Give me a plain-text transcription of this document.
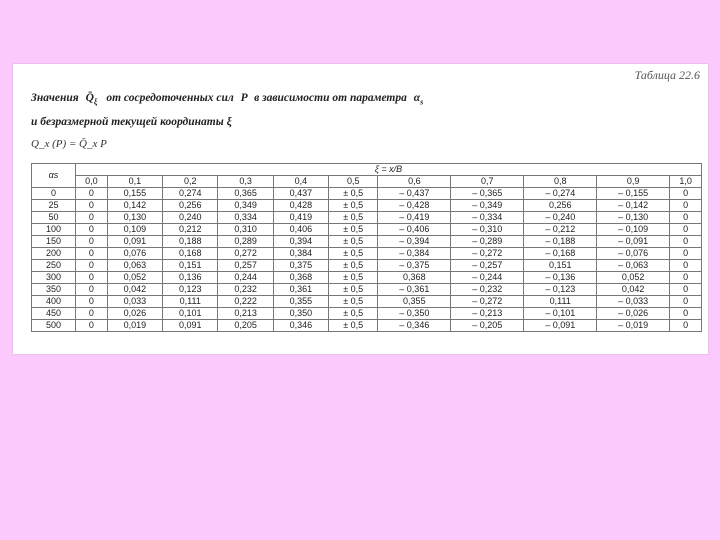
Таблица 22.6
Значения $Q̄_\xi$ от сосредоточенных сил P в зависимости от параметра $\alpha_s$
и безразмерной текущей координаты ξ
Q_x (P) = Q̄_x P
αs	ξ = x/B										
	0,0	0,1	0,2	0,3	0,4	0,5	0,6	0,7	0,8	0,9	1,0
0	0	0,155	0,274	0,365	0,437	± 0,5	– 0,437	– 0,365	– 0,274	– 0,155	0
25	0	0,142	0,256	0,349	0,428	± 0,5	– 0,428	– 0,349	0,256	– 0,142	0
50	0	0,130	0,240	0,334	0,419	± 0,5	– 0,419	– 0,334	– 0,240	– 0,130	0
100	0	0,109	0,212	0,310	0,406	± 0,5	– 0,406	– 0,310	– 0,212	– 0,109	0
150	0	0,091	0,188	0,289	0,394	± 0,5	– 0,394	– 0,289	– 0,188	– 0,091	0
200	0	0,076	0,168	0,272	0,384	± 0,5	– 0,384	– 0,272	– 0,168	– 0,076	0
250	0	0,063	0,151	0,257	0,375	± 0,5	– 0,375	– 0,257	0,151	– 0,063	0
300	0	0,052	0,136	0,244	0,368	± 0,5	0,368	– 0,244	– 0,136	0,052	0
350	0	0,042	0,123	0,232	0,361	± 0,5	– 0,361	– 0,232	– 0,123	0,042	0
400	0	0,033	0,111	0,222	0,355	± 0,5	0,355	– 0,272	0,111	– 0,033	0
450	0	0,026	0,101	0,213	0,350	± 0,5	– 0,350	– 0,213	– 0,101	– 0,026	0
500	0	0,019	0,091	0,205	0,346	± 0,5	– 0,346	– 0,205	– 0,091	– 0,019	0
